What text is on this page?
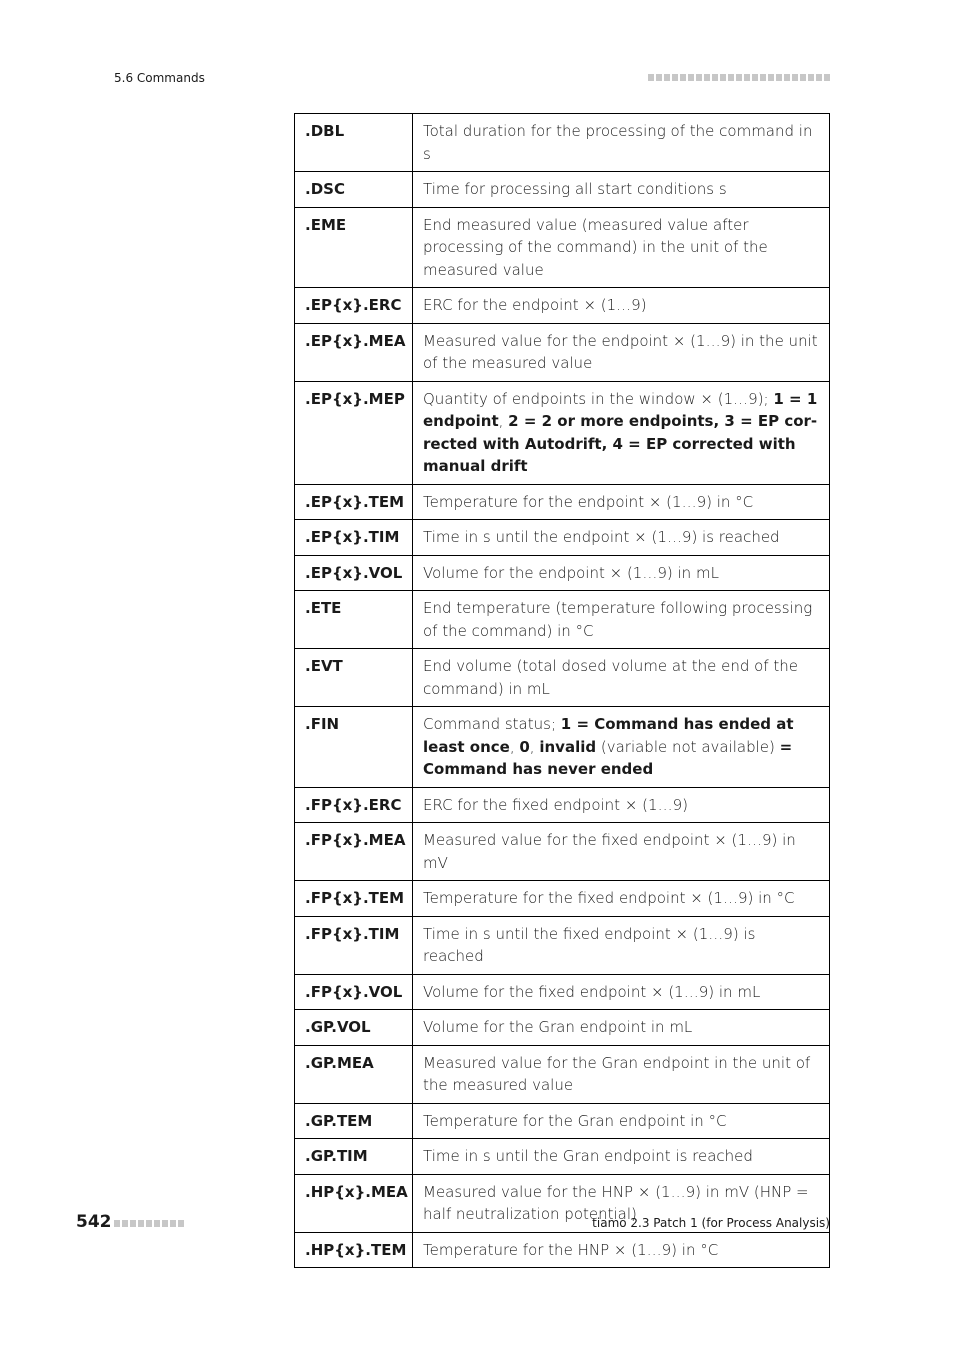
5.6 Commands
.DBL	Total duration for the processing of the command in s
.DSC	Time for processing all start conditions s
.EME	End measured value (measured value after processing of the command) in the unit of the measured value
.EP{x}.ERC	ERC for the endpoint × (1…9)
.EP{x}.MEA	Measured value for the endpoint × (1…9) in the unit of the measured value
.EP{x}.MEP	Quantity of endpoints in the window × (1…9); 1 = 1 endpoint, 2 = 2 or more endpoints, 3 = EP corrected with Autodrift, 4 = EP corrected with manual drift
.EP{x}.TEM	Temperature for the endpoint × (1…9) in °C
.EP{x}.TIM	Time in s until the endpoint × (1…9) is reached
.EP{x}.VOL	Volume for the endpoint × (1…9) in mL
.ETE	End temperature (temperature following processing of the command) in °C
.EVT	End volume (total dosed volume at the end of the command) in mL
.FIN	Command status; 1 = Command has ended at least once, 0, invalid (variable not available) = Command has never ended
.FP{x}.ERC	ERC for the fixed endpoint × (1…9)
.FP{x}.MEA	Measured value for the fixed endpoint × (1…9) in mV
.FP{x}.TEM	Temperature for the fixed endpoint × (1…9) in °C
.FP{x}.TIM	Time in s until the fixed endpoint × (1…9) is reached
.FP{x}.VOL	Volume for the fixed endpoint × (1…9) in mL
.GP.VOL	Volume for the Gran endpoint in mL
.GP.MEA	Measured value for the Gran endpoint in the unit of the measured value
.GP.TEM	Temperature for the Gran endpoint in °C
.GP.TIM	Time in s until the Gran endpoint is reached
.HP{x}.MEA	Measured value for the HNP × (1…9) in mV (HNP = half neutralization potential)
.HP{x}.TEM	Temperature for the HNP × (1…9) in °C
542	tiamo 2.3 Patch 1 (for Process Analysis)
